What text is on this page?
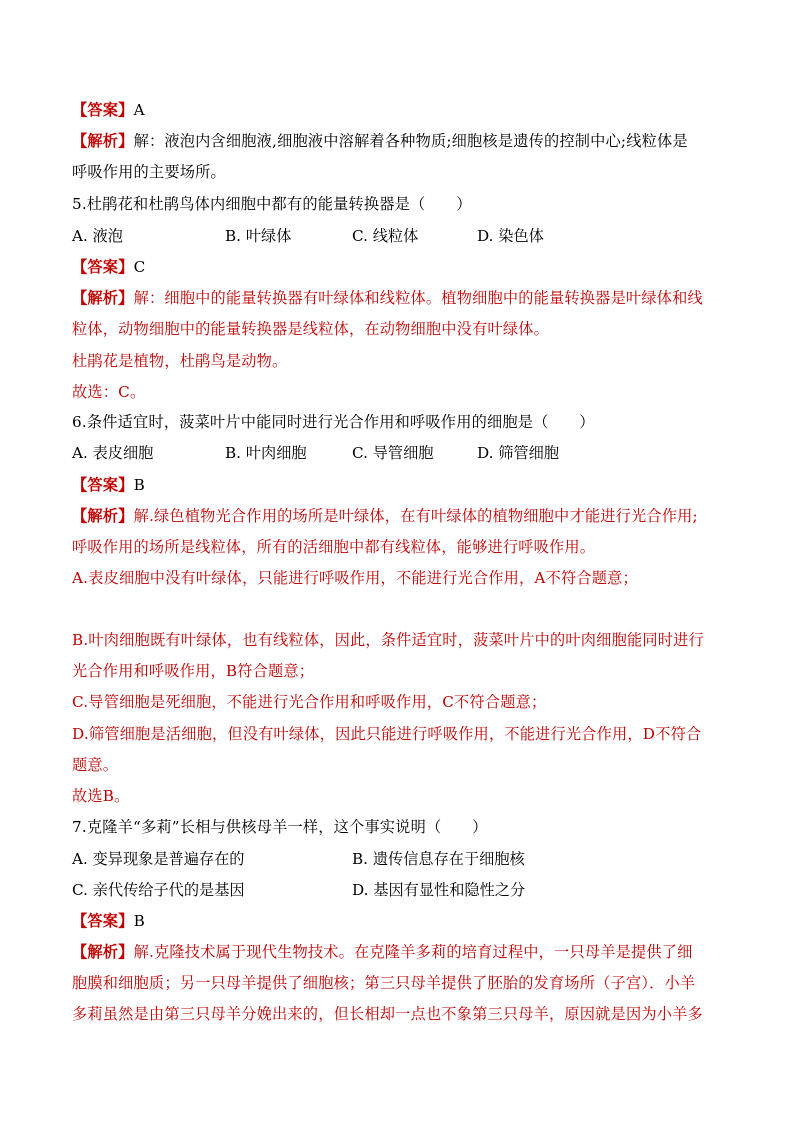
【答案】A
【解析】解：液泡内含细胞液,细胞液中溶解着各种物质;细胞核是遗传的控制中心;线粒体是
呼吸作用的主要场所。
5.杜鹃花和杜鹃鸟体内细胞中都有的能量转换器是（　　）
A. 液泡	B. 叶绿体	C. 线粒体	D. 染色体
【答案】C
【解析】解：细胞中的能量转换器有叶绿体和线粒体。植物细胞中的能量转换器是叶绿体和线
粒体，动物细胞中的能量转换器是线粒体，在动物细胞中没有叶绿体。
杜鹃花是植物，杜鹃鸟是动物。
故选：C。
6.条件适宜时，菠菜叶片中能同时进行光合作用和呼吸作用的细胞是（　　）
A. 表皮细胞	B. 叶肉细胞	C. 导管细胞	D. 筛管细胞
【答案】B
【解析】解.绿色植物光合作用的场所是叶绿体，在有叶绿体的植物细胞中才能进行光合作用;
呼吸作用的场所是线粒体，所有的活细胞中都有线粒体，能够进行呼吸作用。
A.表皮细胞中没有叶绿体，只能进行呼吸作用，不能进行光合作用，A不符合题意；
B.叶肉细胞既有叶绿体，也有线粒体，因此，条件适宜时，菠菜叶片中的叶肉细胞能同时进行
光合作用和呼吸作用，B符合题意；
C.导管细胞是死细胞，不能进行光合作用和呼吸作用，C不符合题意；
D.筛管细胞是活细胞，但没有叶绿体，因此只能进行呼吸作用，不能进行光合作用，D不符合
题意。
故选B。
7.克隆羊“多莉”长相与供核母羊一样，这个事实说明（　　）
A. 变异现象是普遍存在的	B. 遗传信息存在于细胞核
C. 亲代传给子代的是基因	D. 基因有显性和隐性之分
【答案】B
【解析】解.克隆技术属于现代生物技术。在克隆羊多莉的培育过程中，一只母羊是提供了细
胞膜和细胞质；另一只母羊提供了细胞核；第三只母羊提供了胚胎的发育场所（子宫）．小羊
多莉虽然是由第三只母羊分娩出来的，但长相却一点也不象第三只母羊，原因就是因为小羊多
